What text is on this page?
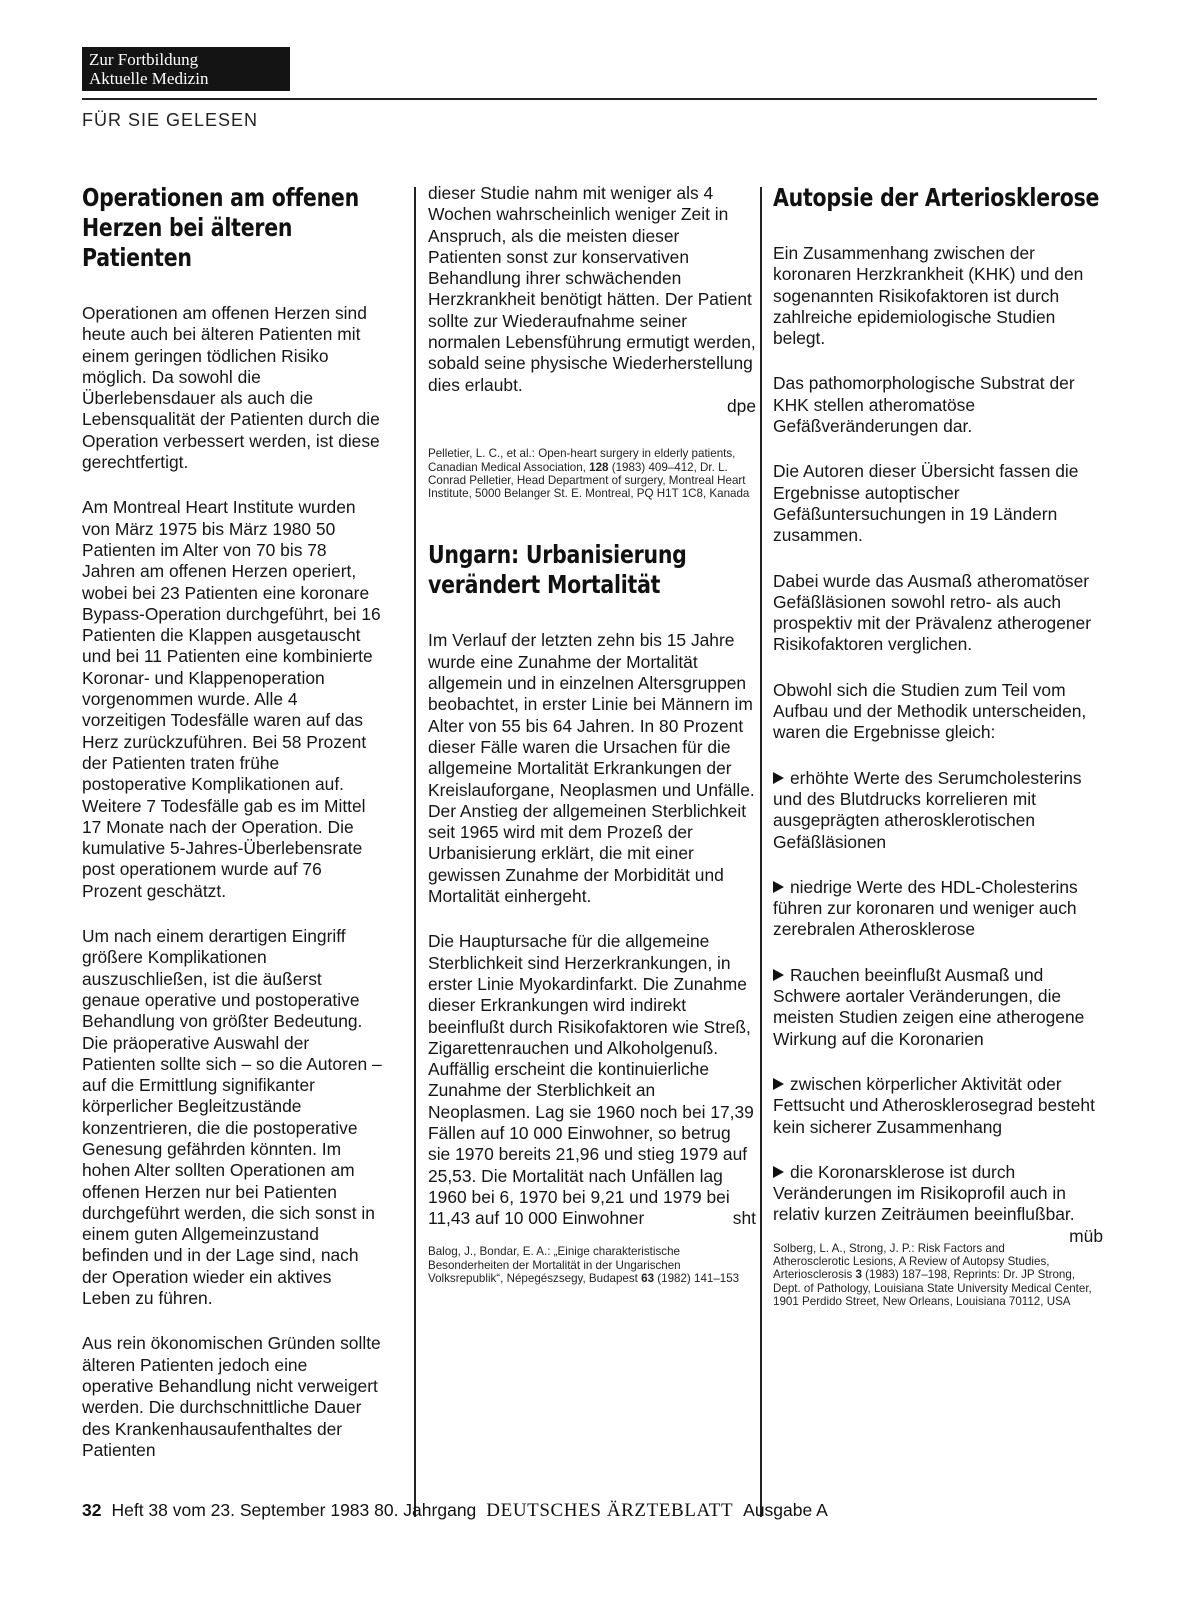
Zur Fortbildung
Aktuelle Medizin
FÜR SIE GELESEN
Operationen am offenen Herzen bei älteren Patienten

Operationen am offenen Herzen sind heute auch bei älteren Patienten mit einem geringen tödlichen Risiko möglich. Da sowohl die Überlebensdauer als auch die Lebensqualität der Patienten durch die Operation verbessert werden, ist diese gerechtfertigt.

Am Montreal Heart Institute wurden von März 1975 bis März 1980 50 Patienten im Alter von 70 bis 78 Jahren am offenen Herzen operiert, wobei bei 23 Patienten eine koronare Bypass-Operation durchgeführt, bei 16 Patienten die Klappen ausgetauscht und bei 11 Patienten eine kombinierte Koronar- und Klappenoperation vorgenommen wurde. Alle 4 vorzeitigen Todesfälle waren auf das Herz zurückzuführen. Bei 58 Prozent der Patienten traten frühe postoperative Komplikationen auf. Weitere 7 Todesfälle gab es im Mittel 17 Monate nach der Operation. Die kumulative 5-Jahres-Überlebensrate post operationem wurde auf 76 Prozent geschätzt.

Um nach einem derartigen Eingriff größere Komplikationen auszuschließen, ist die äußerst genaue operative und postoperative Behandlung von größter Bedeutung. Die präoperative Auswahl der Patienten sollte sich – so die Autoren – auf die Ermittlung signifikanter körperlicher Begleitzustände konzentrieren, die die postoperative Genesung gefährden könnten. Im hohen Alter sollten Operationen am offenen Herzen nur bei Patienten durchgeführt werden, die sich sonst in einem guten Allgemeinzustand befinden und in der Lage sind, nach der Operation wieder ein aktives Leben zu führen.

Aus rein ökonomischen Gründen sollte älteren Patienten jedoch eine operative Behandlung nicht verweigert werden. Die durchschnittliche Dauer des Krankenhausaufenthaltes der Patienten

dieser Studie nahm mit weniger als 4 Wochen wahrscheinlich weniger Zeit in Anspruch, als die meisten dieser Patienten sonst zur konservativen Behandlung ihrer schwächenden Herzkrankheit benötigt hätten. Der Patient sollte zur Wiederaufnahme seiner normalen Lebensführung ermutigt werden, sobald seine physische Wiederherstellung dies erlaubt.

dpe
Pelletier, L. C., et al.: Open-heart surgery in elderly patients, Canadian Medical Association, 128 (1983) 409–412, Dr. L. Conrad Pelletier, Head Department of surgery, Montreal Heart Institute, 5000 Belanger St. E. Montreal, PQ H1T 1C8, Kanada
Ungarn: Urbanisierung verändert Mortalität

Im Verlauf der letzten zehn bis 15 Jahre wurde eine Zunahme der Mortalität allgemein und in einzelnen Altersgruppen beobachtet, in erster Linie bei Männern im Alter von 55 bis 64 Jahren. In 80 Prozent dieser Fälle waren die Ursachen für die allgemeine Mortalität Erkrankungen der Kreislauforgane, Neoplasmen und Unfälle. Der Anstieg der allgemeinen Sterblichkeit seit 1965 wird mit dem Prozeß der Urbanisierung erklärt, die mit einer gewissen Zunahme der Morbidität und Mortalität einhergeht.

Die Hauptursache für die allgemeine Sterblichkeit sind Herzerkrankungen, in erster Linie Myokardinfarkt. Die Zunahme dieser Erkrankungen wird indirekt beeinflußt durch Risikofaktoren wie Streß, Zigarettenrauchen und Alkoholgenuß. Auffällig erscheint die kontinuierliche Zunahme der Sterblichkeit an Neoplasmen. Lag sie 1960 noch bei 17,39 Fällen auf 10 000 Einwohner, so betrug sie 1970 bereits 21,96 und stieg 1979 auf 25,53. Die Mortalität nach Unfällen lag 1960 bei 6, 1970 bei 9,21 und 1979 bei 11,43 auf 10 000 Einwohner	sht

Balog, J., Bondar, E. A.: „Einige charakteristische Besonderheiten der Mortalität in der Ungarischen Volksrepublik“, Népegészsegy, Budapest 63 (1982) 141–153
Autopsie der Arteriosklerose

Ein Zusammenhang zwischen der koronaren Herzkrankheit (KHK) und den sogenannten Risikofaktoren ist durch zahlreiche epidemiologische Studien belegt.

Das pathomorphologische Substrat der KHK stellen atheromatöse Gefäßveränderungen dar.

Die Autoren dieser Übersicht fassen die Ergebnisse autoptischer Gefäßuntersuchungen in 19 Ländern zusammen.

Dabei wurde das Ausmaß atheromatöser Gefäßläsionen sowohl retro- als auch prospektiv mit der Prävalenz atherogener Risikofaktoren verglichen.

Obwohl sich die Studien zum Teil vom Aufbau und der Methodik unterscheiden, waren die Ergebnisse gleich:

erhöhte Werte des Serumcholesterins und des Blutdrucks korrelieren mit ausgeprägten atherosklerotischen Gefäßläsionen
niedrige Werte des HDL-Cholesterins führen zur koronaren und weniger auch zerebralen Atherosklerose
Rauchen beeinflußt Ausmaß und Schwere aortaler Veränderungen, die meisten Studien zeigen eine atherogene Wirkung auf die Koronarien
zwischen körperlicher Aktivität oder Fettsucht und Atherosklerosegrad besteht kein sicherer Zusammenhang
die Koronarsklerose ist durch Veränderungen im Risikoprofil auch in relativ kurzen Zeiträumen beeinflußbar.
müb
Solberg, L. A., Strong, J. P.: Risk Factors and Atherosclerotic Lesions, A Review of Autopsy Studies, Arteriosclerosis 3 (1983) 187–198, Reprints: Dr. JP Strong, Dept. of Pathology, Louisiana State University Medical Center, 1901 Perdido Street, New Orleans, Louisiana 70112, USA
32 Heft 38 vom 23. September 1983 80. Jahrgang DEUTSCHES ÄRZTEBLATT Ausgabe A
